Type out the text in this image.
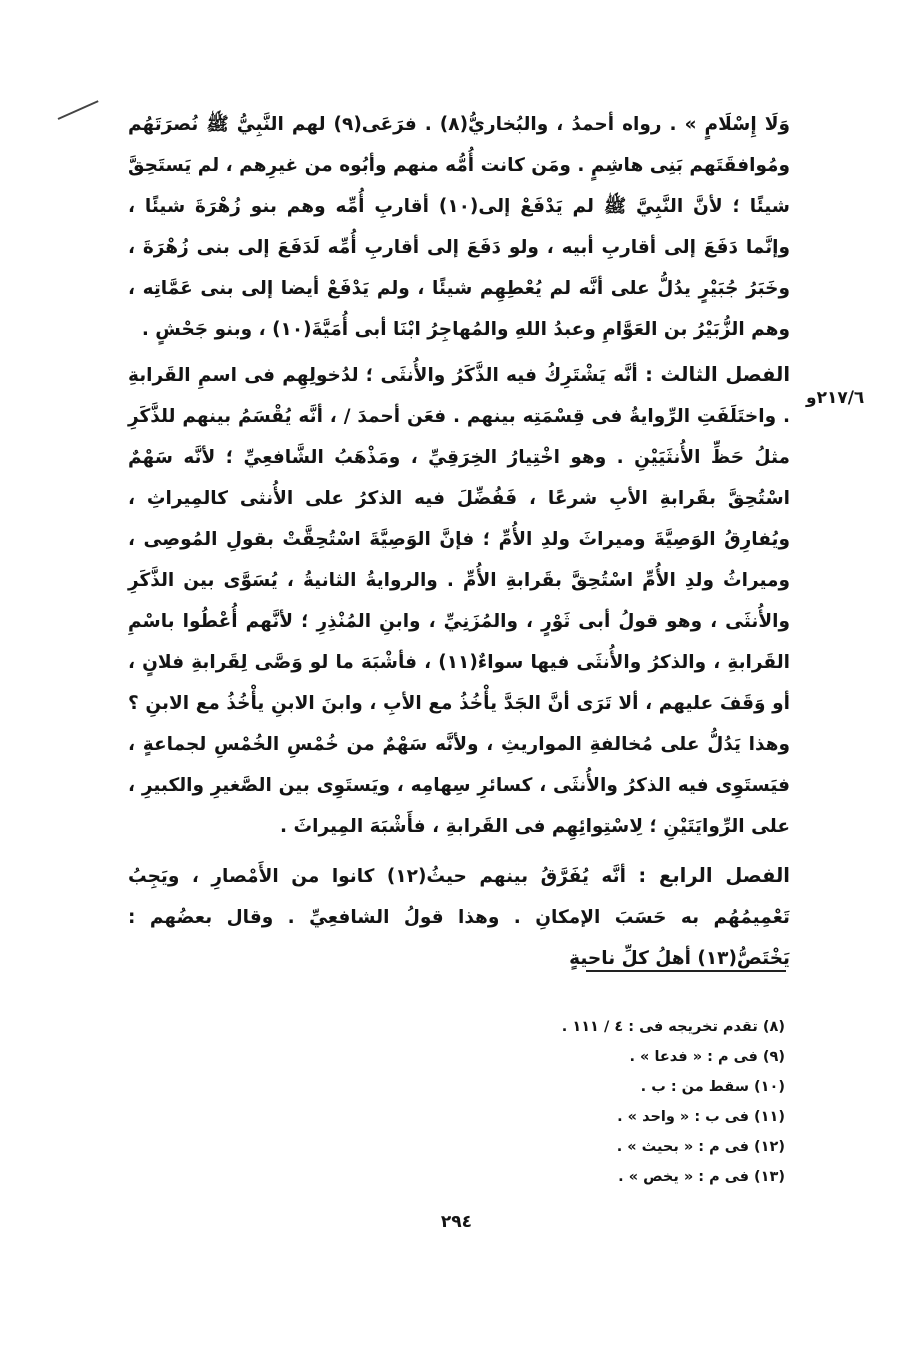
٢١٧/٦و

وَلَا إِسْلَامٍ » . رواه أحمدُ ، والبُخاريُّ(٨) . فرَعَى(٩) لهم النَّبِيُّ ﷺ نُصرَتَهُم ومُوافقَتَهم بَنِى هاشِمٍ . ومَن كانت أُمُّه منهم وأبُوه من غيرِهم ، لم يَستَحِقَّ شيئًا ؛ لأنَّ النَّبِيَّ ﷺ لم يَدْفَعْ إلى(١٠) أقاربِ أُمِّه وهم بنو زُهْرَةَ شيئًا ، وإنَّما دَفَعَ إلى أقاربِ أبيه ، ولو دَفَعَ إلى أقاربِ أُمِّه لَدَفَعَ إلى بنى زُهْرَةَ ، وخَبَرُ جُبَيْرٍ يدُلُّ على أنَّه لم يُعْطِهِم شيئًا ، ولم يَدْفَعْ أيضا إلى بنى عَمَّاتِه ، وهم الزُّبَيْرُ بن العَوَّامِ وعبدُ اللهِ والمُهاجِرُ ابْنَا أبى أُمَيَّةَ(١٠) ، وبنو جَحْشٍ .

الفصل الثالث : أنَّه يَشْتَرِكُ فيه الذَّكَرُ والأُنثَى ؛ لدُخولِهِم فى اسمِ القَرابةِ . واختَلَفَتِ الرِّوايةُ فى قِسْمَتِه بينهم . فعَن أحمدَ / ، أنَّه يُقْسَمُ بينهم للذَّكَرِ مثلُ حَظِّ الأُنثَيَيْنِ . وهو اخْتِيارُ الخِرَقِيِّ ، ومَذْهَبُ الشَّافعِيِّ ؛ لأنَّه سَهْمٌ اسْتُحِقَّ بقَرابةِ الأبِ شرعًا ، فَفُضِّلَ فيه الذكرُ على الأُنثى كالمِيراثِ ، ويُفارِقُ الوَصِيَّةَ وميراثَ ولدِ الأُمِّ ؛ فإنَّ الوَصِيَّةَ اسْتُحِقَّتْ بقولِ المُوصِى ، وميراثُ ولدِ الأُمِّ اسْتُحِقَّ بقَرابةِ الأُمِّ . والروايةُ الثانيةُ ، يُسَوَّى بين الذَّكَرِ والأُنثَى ، وهو قولُ أبى ثَوْرٍ ، والمُزَنِيِّ ، وابنِ المُنْذِرِ ؛ لأنَّهم أُعْطُوا باسْمِ القَرابةِ ، والذكرُ والأُنثَى فيها سواءٌ(١١) ، فأشْبَهَ ما لو وَصَّى لِقَرابةِ فلانٍ ، أو وَقَفَ عليهم ، ألا تَرَى أنَّ الجَدَّ يأْخُذُ مع الأبِ ، وابنَ الابنِ يأْخُذُ مع الابنِ ؟ وهذا يَدُلُّ على مُخالفةِ المواريثِ ، ولأنَّه سَهْمٌ من خُمْسِ الخُمْسِ لجماعةٍ ، فيَستَوِى فيه الذكرُ والأُنثَى ، كسائرِ سِهامِه ، ويَستَوِى بين الصَّغيرِ والكبيرِ ، على الرِّوايَتَيْنِ ؛ لِاسْتِوائِهِم فى القَرابةِ ، فأَشْبَهَ المِيراثَ .

الفصل الرابع : أنَّه يُفَرَّقُ بينهم حيثُ(١٢) كانوا من الأَمْصارِ ، ويَجِبُ تَعْمِيمُهُم به حَسَبَ الإمكانِ . وهذا قولُ الشافعِيِّ . وقال بعضُهم : يَخْتَصُّ(١٣) أهلُ كلِّ ناحيةٍ

(٨) تقدم تخريجه فى : ٤ / ١١١ .
(٩) فى م : « فدعا » .
(١٠) سقط من : ب .
(١١) فى ب : « واحد » .
(١٢) فى م : « بحيث » .
(١٣) فى م : « يخص » .
٢٩٤
